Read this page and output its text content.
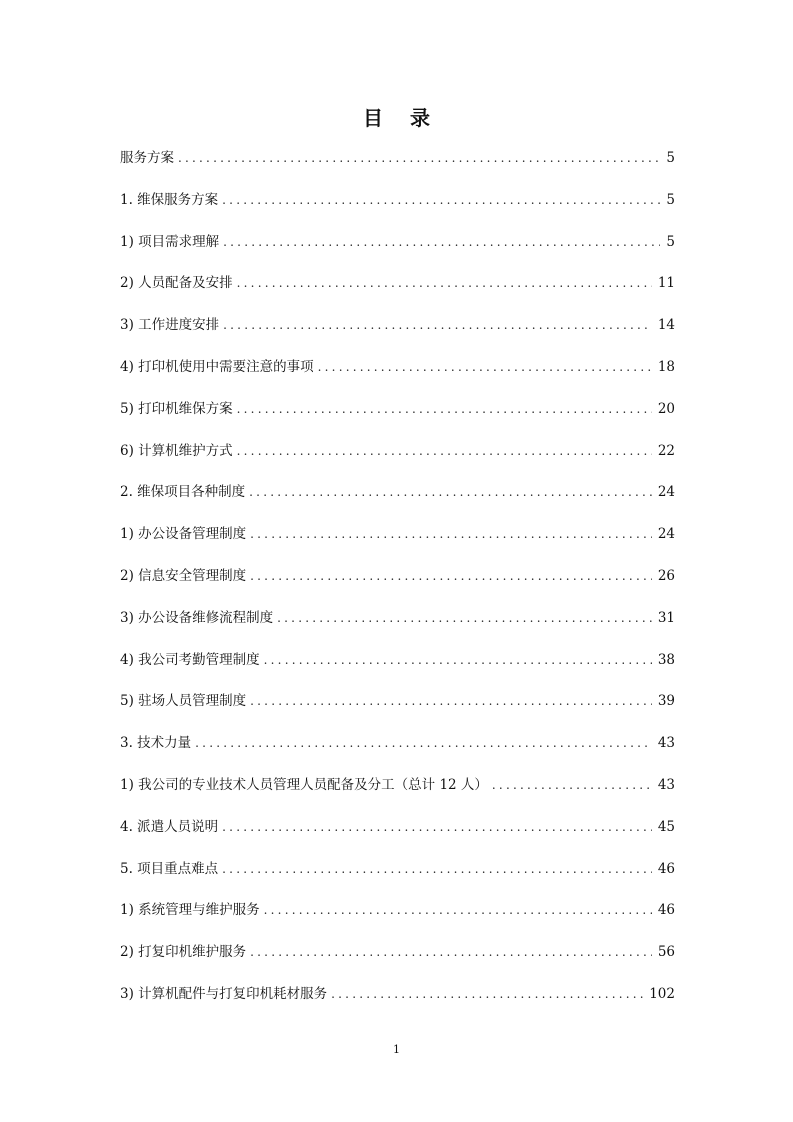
目 录
服务方案 .....	5
1. 维保服务方案 .....	5
1) 项目需求理解 .....	5
2) 人员配备及安排 .....	11
3) 工作进度安排 .....	14
4) 打印机使用中需要注意的事项 .....	18
5) 打印机维保方案 .....	20
6) 计算机维护方式 .....	22
2. 维保项目各种制度 .....	24
1) 办公设备管理制度 .....	24
2) 信息安全管理制度 .....	26
3) 办公设备维修流程制度 .....	31
4) 我公司考勤管理制度 .....	38
5) 驻场人员管理制度 .....	39
3. 技术力量 .....	43
1) 我公司的专业技术人员管理人员配备及分工（总计 12 人） .....	43
4. 派遣人员说明 .....	45
5. 项目重点难点 .....	46
1) 系统管理与维护服务 .....	46
2) 打复印机维护服务 .....	56
3) 计算机配件与打复印机耗材服务 .....	102
1
